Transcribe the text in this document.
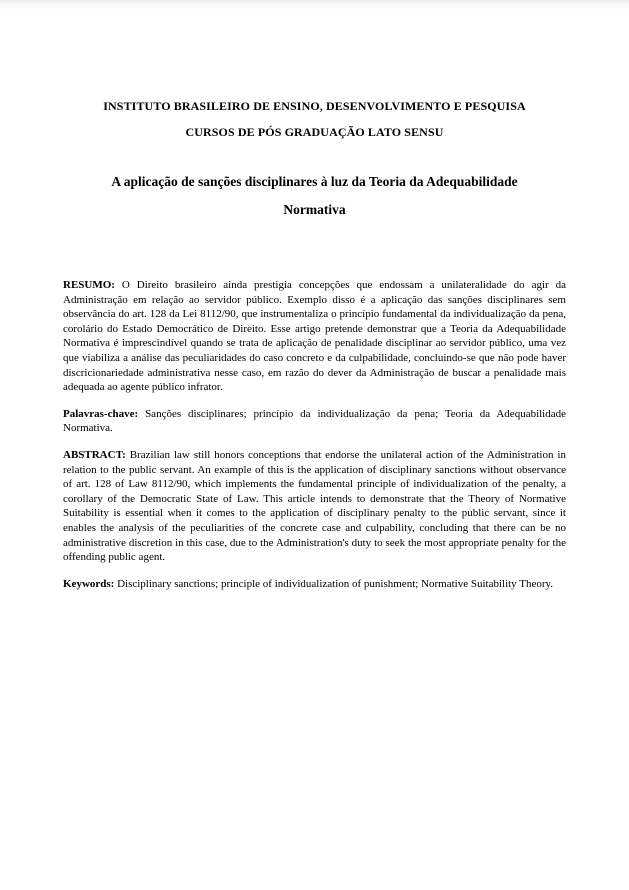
INSTITUTO BRASILEIRO DE ENSINO, DESENVOLVIMENTO E PESQUISA
CURSOS DE PÓS GRADUAÇÃO LATO SENSU
A aplicação de sanções disciplinares à luz da Teoria da Adequabilidade
Normativa

RESUMO: O Direito brasileiro ainda prestigia concepções que endossam a unilateralidade do agir da Administração em relação ao servidor público. Exemplo disso é a aplicação das sanções disciplinares sem observância do art. 128 da Lei 8112/90, que instrumentaliza o princípio fundamental da individualização da pena, corolário do Estado Democrático de Direito. Esse artigo pretende demonstrar que a Teoria da Adequabilidade Normativa é imprescindível quando se trata de aplicação de penalidade disciplinar ao servidor público, uma vez que viabiliza a análise das peculiaridades do caso concreto e da culpabilidade, concluindo-se que não pode haver discricionariedade administrativa nesse caso, em razão do dever da Administração de buscar a penalidade mais adequada ao agente público infrator.

Palavras-chave: Sanções disciplinares; princípio da individualização da pena; Teoria da Adequabilidade Normativa.

ABSTRACT: Brazilian law still honors conceptions that endorse the unilateral action of the Administration in relation to the public servant. An example of this is the application of disciplinary sanctions without observance of art. 128 of Law 8112/90, which implements the fundamental principle of individualization of the penalty, a corollary of the Democratic State of Law. This article intends to demonstrate that the Theory of Normative Suitability is essential when it comes to the application of disciplinary penalty to the public servant, since it enables the analysis of the peculiarities of the concrete case and culpability, concluding that there can be no administrative discretion in this case, due to the Administration's duty to seek the most appropriate penalty for the offending public agent.

Keywords: Disciplinary sanctions; principle of individualization of punishment; Normative Suitability Theory.
